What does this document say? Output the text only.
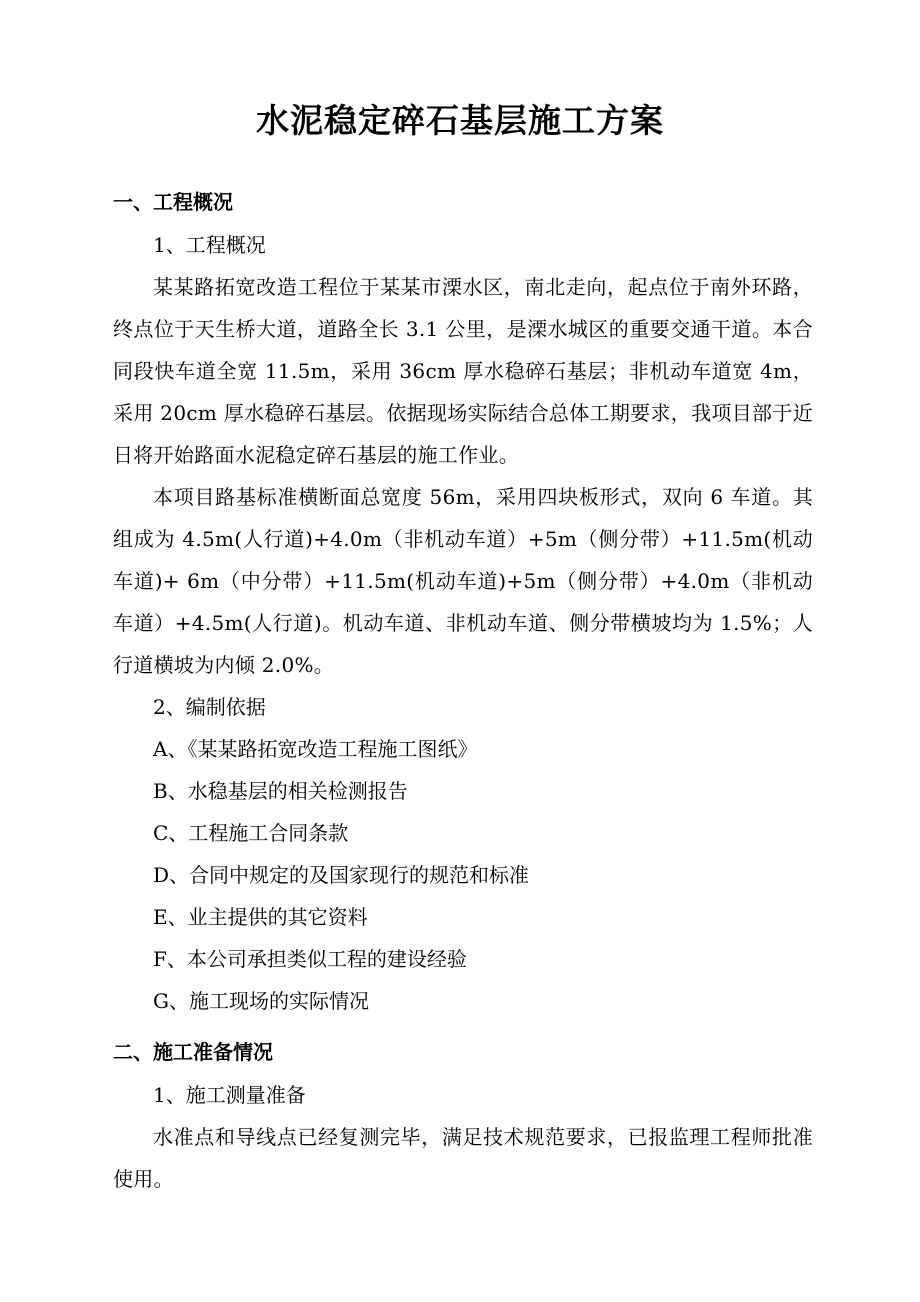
水泥稳定碎石基层施工方案

一、工程概况

1、工程概况

某某路拓宽改造工程位于某某市溧水区，南北走向，起点位于南外环路，终点位于天生桥大道，道路全长 3.1 公里，是溧水城区的重要交通干道。本合同段快车道全宽 11.5m，采用 36cm 厚水稳碎石基层；非机动车道宽 4m，采用 20cm 厚水稳碎石基层。依据现场实际结合总体工期要求，我项目部于近日将开始路面水泥稳定碎石基层的施工作业。

本项目路基标准横断面总宽度 56m，采用四块板形式，双向 6 车道。其组成为 4.5m(人行道)+4.0m（非机动车道）+5m（侧分带）+11.5m(机动车道)+ 6m（中分带）+11.5m(机动车道)+5m（侧分带）+4.0m（非机动车道）+4.5m(人行道)。机动车道、非机动车道、侧分带横坡均为 1.5%；人行道横坡为内倾 2.0%。

2、编制依据

A、《某某路拓宽改造工程施工图纸》

B、水稳基层的相关检测报告

C、工程施工合同条款

D、合同中规定的及国家现行的规范和标准

E、业主提供的其它资料

F、本公司承担类似工程的建设经验

G、施工现场的实际情况

二、施工准备情况

1、施工测量准备

水准点和导线点已经复测完毕，满足技术规范要求，已报监理工程师批准使用。
